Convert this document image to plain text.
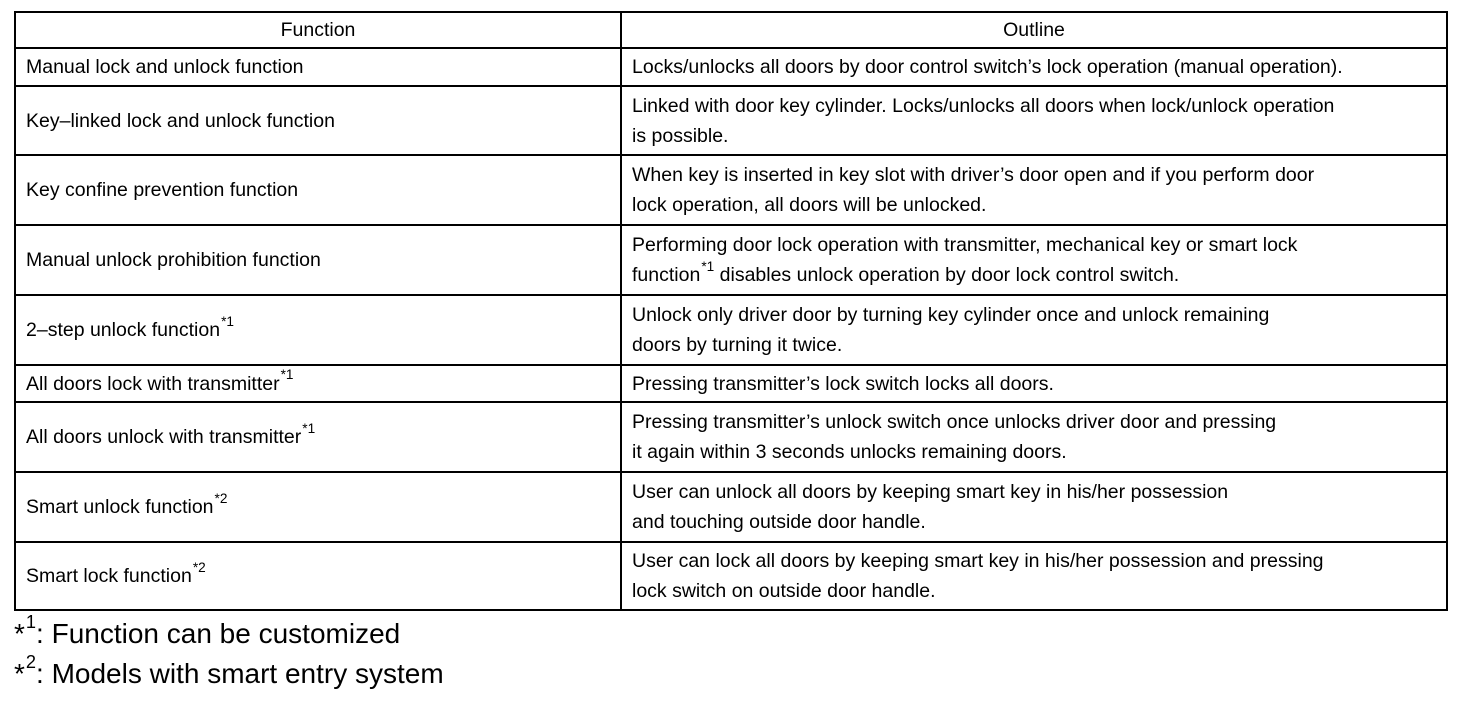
Function	Outline
Manual lock and unlock function	Locks/unlocks all doors by door control switch’s lock operation (manual operation).
Key–linked lock and unlock function	Linked with door key cylinder. Locks/unlocks all doors when lock/unlock operation
is possible.
Key confine prevention function	When key is inserted in key slot with driver’s door open and if you perform door
lock operation, all doors will be unlocked.
Manual unlock prohibition function	Performing door lock operation with transmitter, mechanical key or smart lock
function$^{*1}$ disables unlock operation by door lock control switch.
2–step unlock function$^{*1}$	Unlock only driver door by turning key cylinder once and unlock remaining
doors by turning it twice.
All doors lock with transmitter$^{*1}$	Pressing transmitter’s lock switch locks all doors.
All doors unlock with transmitter$^{*1}$	Pressing transmitter’s unlock switch once unlocks driver door and pressing
it again within 3 seconds unlocks remaining doors.
Smart unlock function$^{*2}$	User can unlock all doors by keeping smart key in his/her possession
and touching outside door handle.
Smart lock function$^{*2}$	User can lock all doors by keeping smart key in his/her possession and pressing
lock switch on outside door handle.
*$^1$: Function can be customized
*$^2$: Models with smart entry system
